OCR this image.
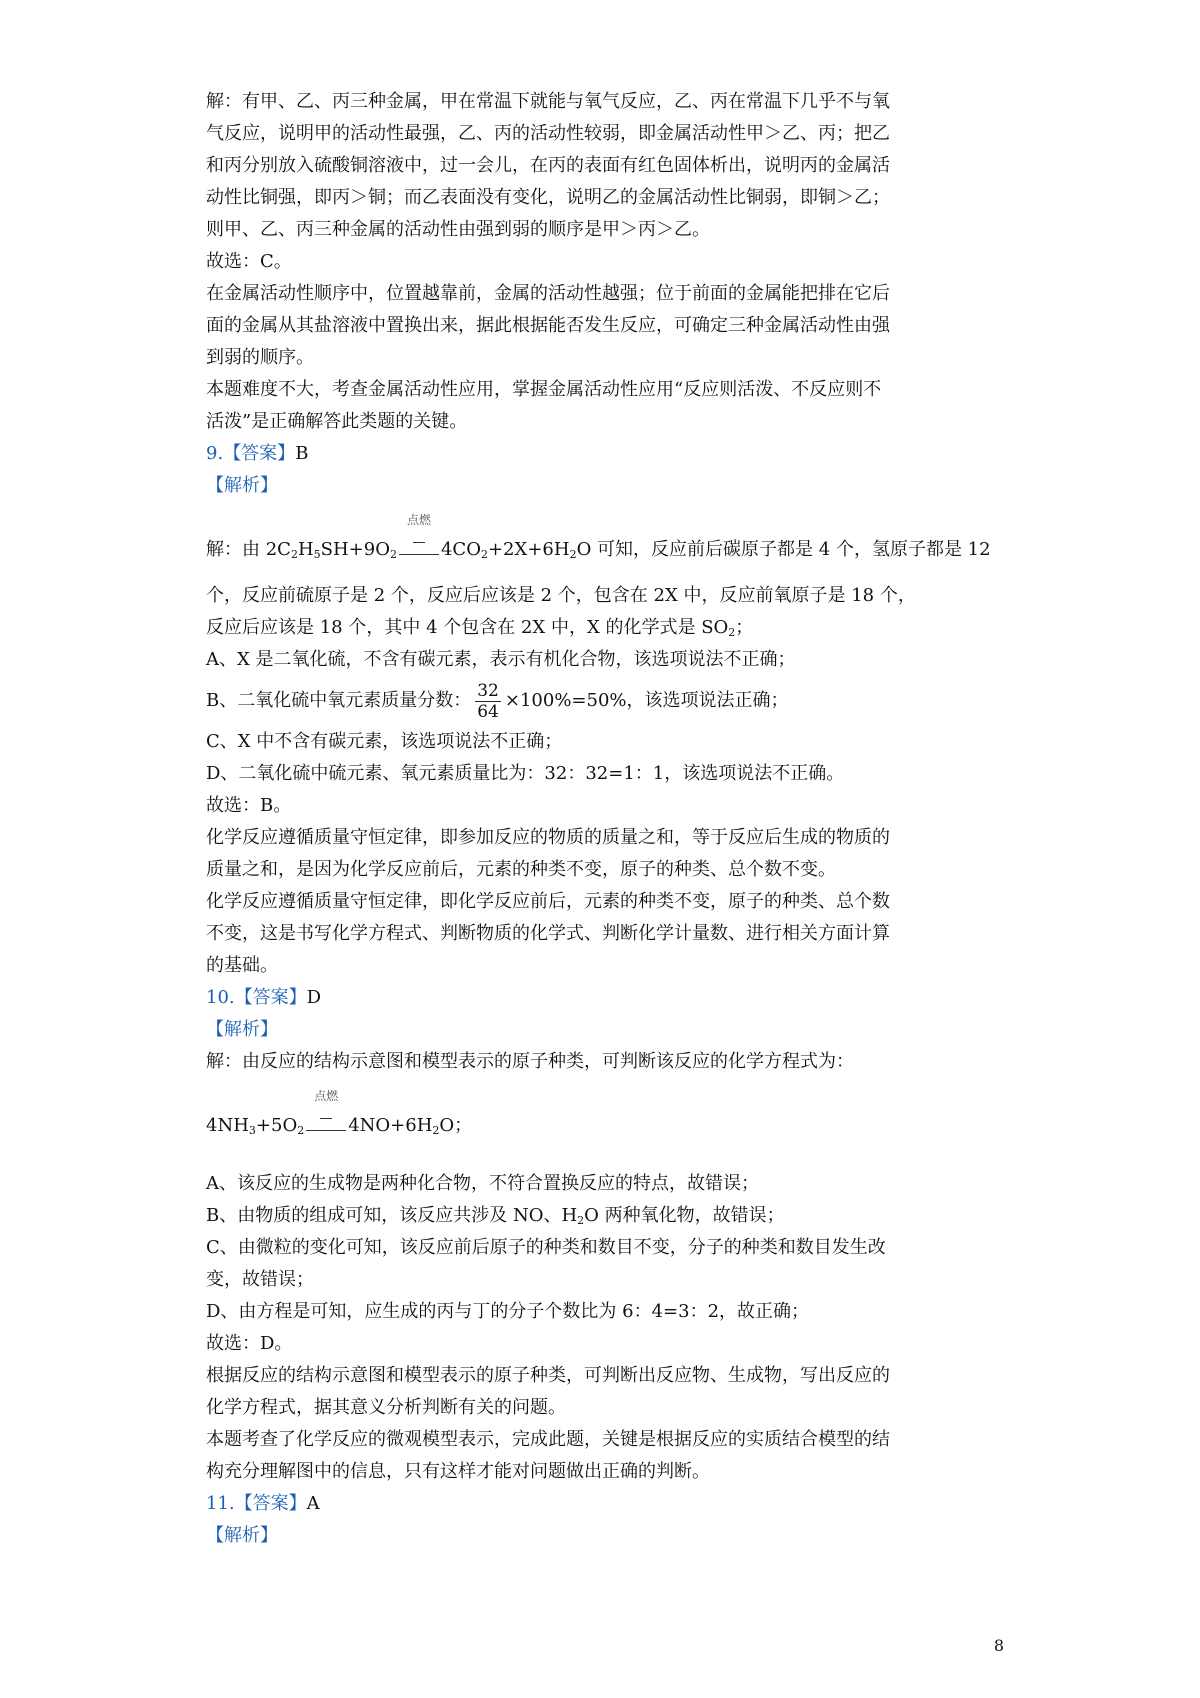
解：有甲、乙、丙三种金属，甲在常温下就能与氧气反应，乙、丙在常温下几乎不与氧

气反应，说明甲的活动性最强，乙、丙的活动性较弱，即金属活动性甲＞乙、丙；把乙

和丙分别放入硫酸铜溶液中，过一会儿，在丙的表面有红色固体析出，说明丙的金属活

动性比铜强，即丙＞铜；而乙表面没有变化，说明乙的金属活动性比铜弱，即铜＞乙；

则甲、乙、丙三种金属的活动性由强到弱的顺序是甲＞丙＞乙。

故选：C。

在金属活动性顺序中，位置越靠前，金属的活动性越强；位于前面的金属能把排在它后

面的金属从其盐溶液中置换出来，据此根据能否发生反应，可确定三种金属活动性由强

到弱的顺序。

本题难度不大，考查金属活动性应用，掌握金属活动性应用“反应则活泼、不反应则不

活泼”是正确解答此类题的关键。

9.【答案】B

【解析】

解：由 $2C_2H_5SH+9O_2$
点燃
$4CO_2+2X+6H_2O$ 可知，反应前后碳原子都是 4 个，氢原子都是 12

个，反应前硫原子是 2 个，反应后应该是 2 个，包含在 2X 中，反应前氧原子是 18 个，

反应后应该是 18 个，其中 4 个包含在 2X 中，X 的化学式是 $SO_2$；

A、X 是二氧化硫，不含有碳元素，表示有机化合物，该选项说法不正确；

B、二氧化硫中氧元素质量分数： $\frac{32}{64} \times 100\%=50\%$，该选项说法正确；

C、X 中不含有碳元素，该选项说法不正确；

D、二氧化硫中硫元素、氧元素质量比为：32：32=1：1，该选项说法不正确。

故选：B。

化学反应遵循质量守恒定律，即参加反应的物质的质量之和，等于反应后生成的物质的

质量之和，是因为化学反应前后，元素的种类不变，原子的种类、总个数不变。

化学反应遵循质量守恒定律，即化学反应前后，元素的种类不变，原子的种类、总个数

不变，这是书写化学方程式、判断物质的化学式、判断化学计量数、进行相关方面计算

的基础。

10.【答案】D

【解析】

解：由反应的结构示意图和模型表示的原子种类，可判断该反应的化学方程式为：

$4NH_3+5O_2$
点燃
$4NO+6H_2O$；

A、该反应的生成物是两种化合物，不符合置换反应的特点，故错误；

B、由物质的组成可知，该反应共涉及 NO、$H_2O$ 两种氧化物，故错误；

C、由微粒的变化可知，该反应前后原子的种类和数目不变，分子的种类和数目发生改

变，故错误；

D、由方程是可知，应生成的丙与丁的分子个数比为 6：4=3：2，故正确；

故选：D。

根据反应的结构示意图和模型表示的原子种类，可判断出反应物、生成物，写出反应的

化学方程式，据其意义分析判断有关的问题。

本题考查了化学反应的微观模型表示，完成此题，关键是根据反应的实质结合模型的结

构充分理解图中的信息，只有这样才能对问题做出正确的判断。

11.【答案】A

【解析】

8
